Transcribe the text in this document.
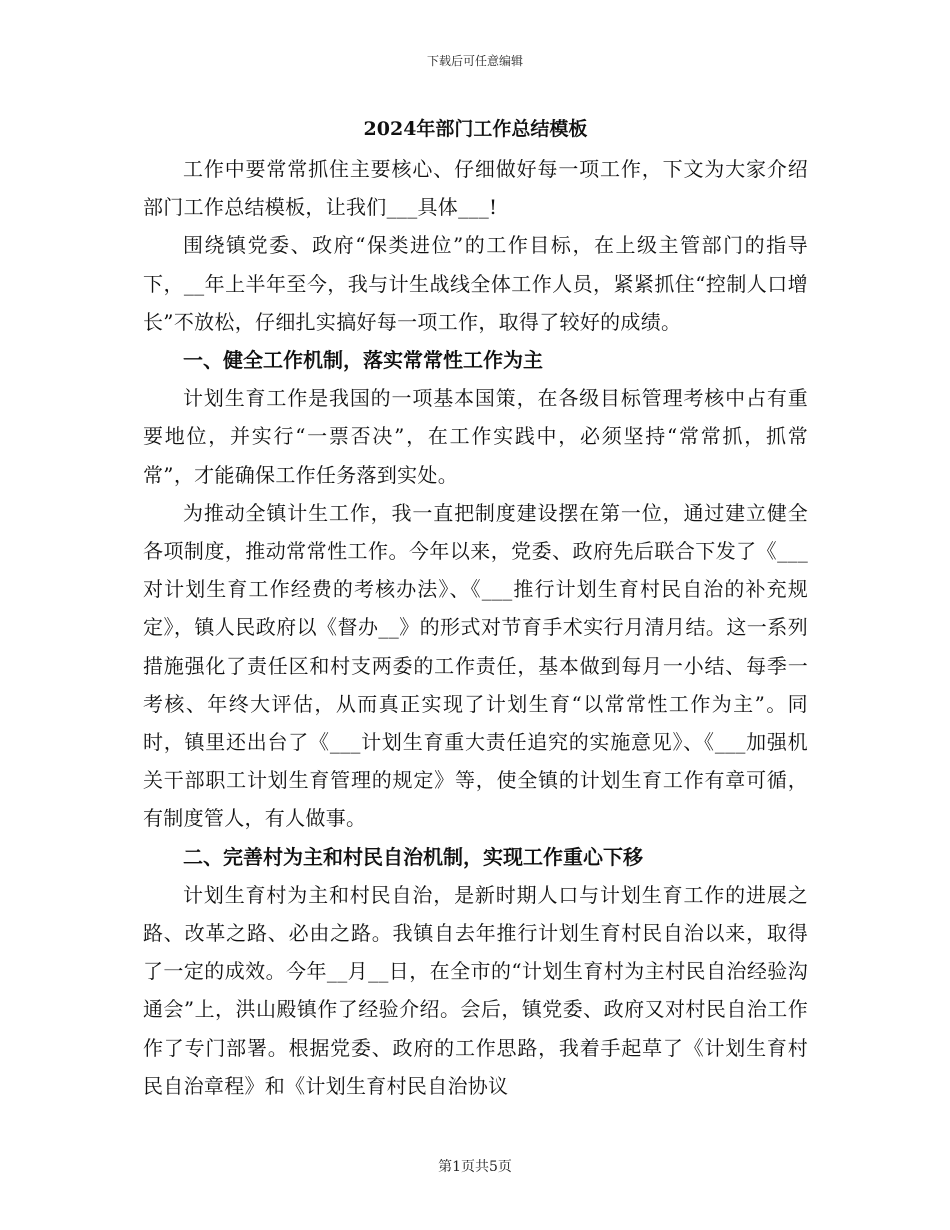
下载后可任意编辑
2024年部门工作总结模板

工作中要常常抓住主要核心、仔细做好每一项工作，下文为大家介绍部门工作总结模板，让我们___具体___!

围绕镇党委、政府“保类进位”的工作目标，在上级主管部门的指导下，__年上半年至今，我与计生战线全体工作人员，紧紧抓住“控制人口增长”不放松，仔细扎实搞好每一项工作，取得了较好的成绩。

一、健全工作机制，落实常常性工作为主

计划生育工作是我国的一项基本国策，在各级目标管理考核中占有重要地位，并实行“一票否决”，在工作实践中，必须坚持“常常抓，抓常常”，才能确保工作任务落到实处。

为推动全镇计生工作，我一直把制度建设摆在第一位，通过建立健全各项制度，推动常常性工作。今年以来，党委、政府先后联合下发了《___对计划生育工作经费的考核办法》、《___推行计划生育村民自治的补充规定》，镇人民政府以《督办__》的形式对节育手术实行月清月结。这一系列措施强化了责任区和村支两委的工作责任，基本做到每月一小结、每季一考核、年终大评估，从而真正实现了计划生育“以常常性工作为主”。同时，镇里还出台了《___计划生育重大责任追究的实施意见》、《___加强机关干部职工计划生育管理的规定》等，使全镇的计划生育工作有章可循，有制度管人，有人做事。

二、完善村为主和村民自治机制，实现工作重心下移

计划生育村为主和村民自治，是新时期人口与计划生育工作的进展之路、改革之路、必由之路。我镇自去年推行计划生育村民自治以来，取得了一定的成效。今年__月__日，在全市的“计划生育村为主村民自治经验沟通会”上，洪山殿镇作了经验介绍。会后，镇党委、政府又对村民自治工作作了专门部署。根据党委、政府的工作思路，我着手起草了《计划生育村民自治章程》和《计划生育村民自治协议

第1页共5页
